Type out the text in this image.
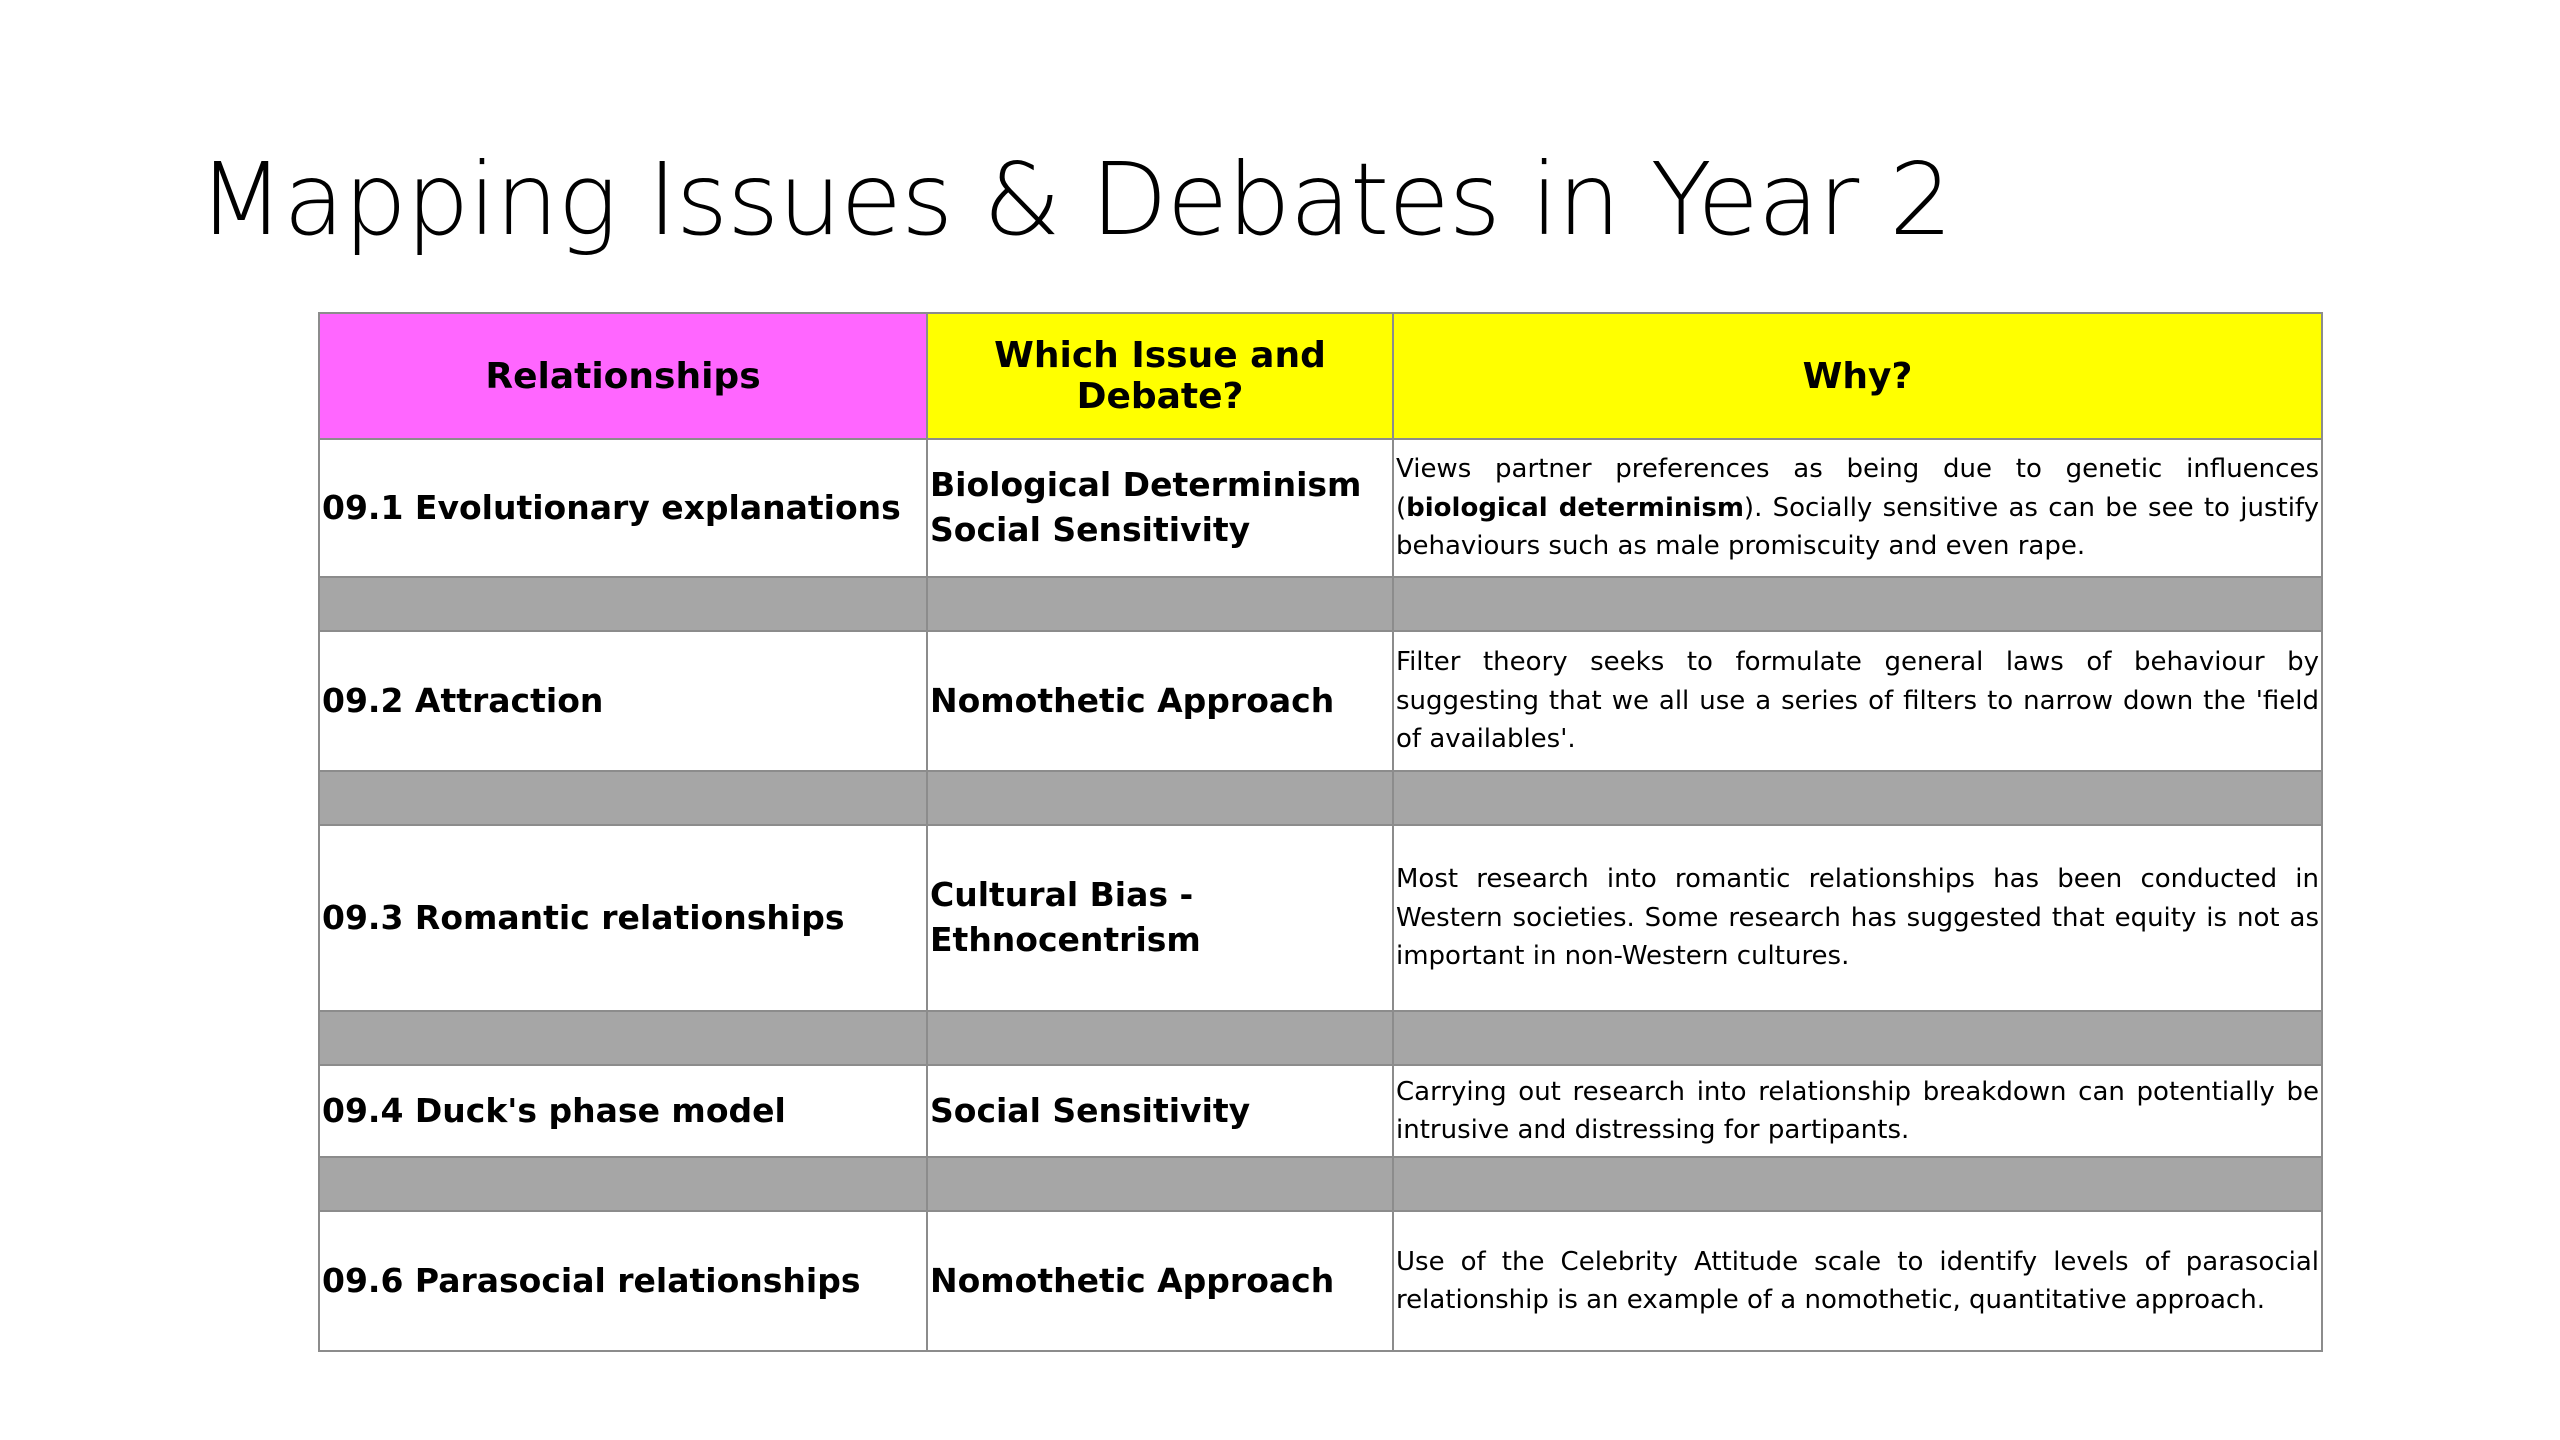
Mapping Issues & Debates in Year 2
Relationships	Which Issue and Debate?	Why?
09.1 Evolutionary explanations	Biological Determinism Social Sensitivity	Views partner preferences as being due to genetic influences (biological determinism). Socially sensitive as can be see to justify behaviours such as male promiscuity and even rape.

09.2 Attraction	Nomothetic Approach	Filter theory seeks to formulate general laws of behaviour by suggesting that we all use a series of filters to narrow down the 'field of availables'.

09.3 Romantic relationships	Cultural Bias - Ethnocentrism	Most research into romantic relationships has been conducted in Western societies. Some research has suggested that equity is not as important in non-Western cultures.

09.4 Duck's phase model	Social Sensitivity	Carrying out research into relationship breakdown can potentially be intrusive and distressing for partipants.

09.6 Parasocial relationships	Nomothetic Approach	Use of the Celebrity Attitude scale to identify levels of parasocial relationship is an example of a nomothetic, quantitative approach.
